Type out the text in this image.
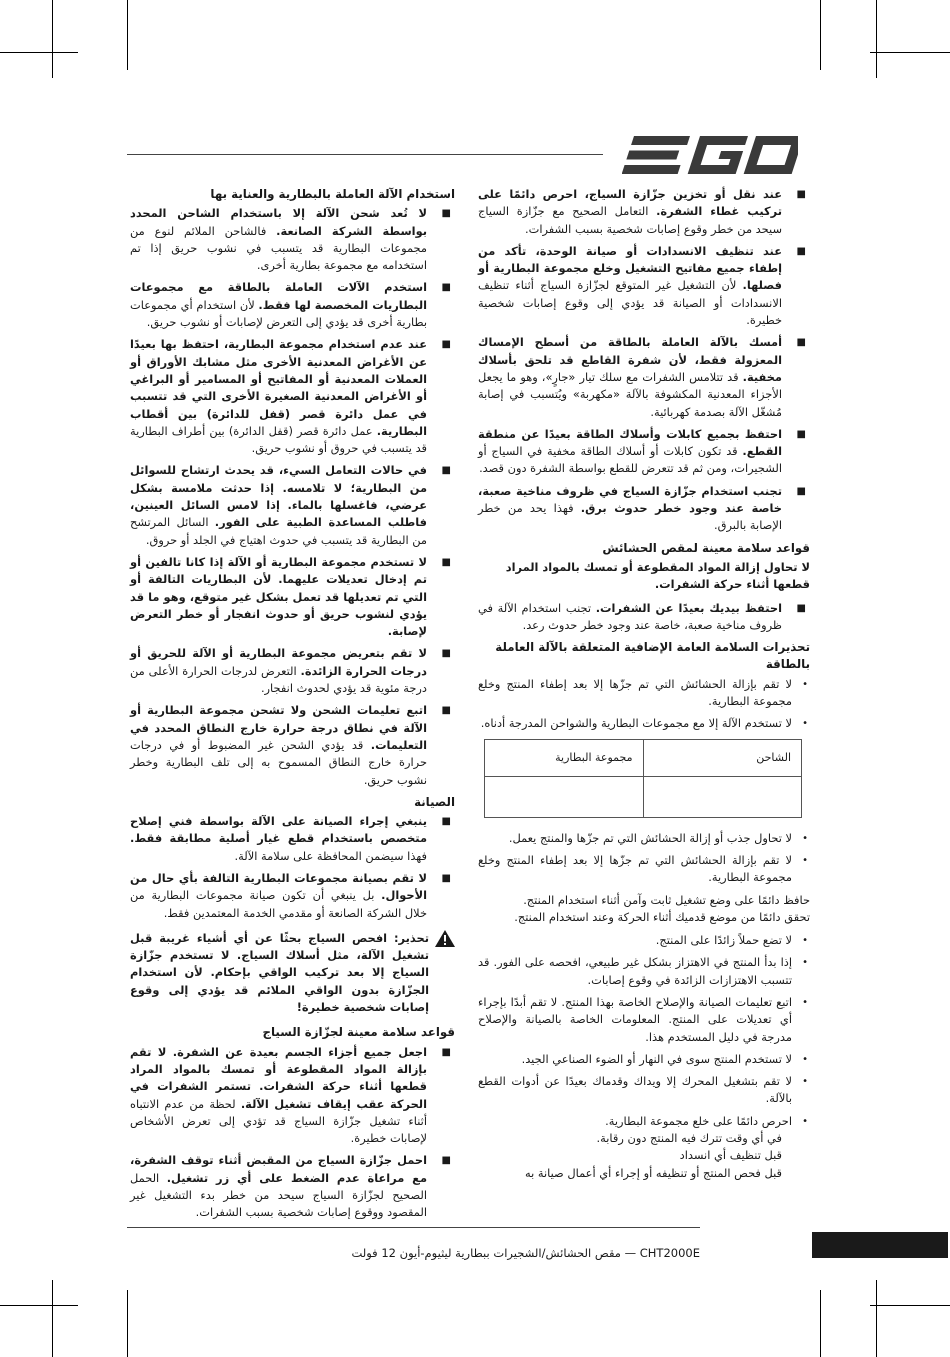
■
عند نقل أو تخزين جزّازة السياج، احرص دائمًا على تركيب غطاء الشفرة. التعامل الصحيح مع جزّازة السياج سيحد من خطر وقوع إصابات شخصية بسبب الشفرات.
■
عند تنظيف الانسدادات أو صيانة الوحدة، تأكد من إطفاء جميع مفاتيح التشغيل وخلع مجموعة البطارية أو فصلها. لأن التشغيل غير المتوقع لجزّازة السياج أثناء تنظيف الانسدادات أو الصيانة قد يؤدي إلى وقوع إصابات شخصية خطيرة.
■
أمسك بالآلة العاملة بالطاقة من أسطح الإمساك المعزولة فقط، لأن شفرة القاطع قد تلحق بأسلاك مخفية. قد تتلامس الشفرات مع سلك تيار «جارٍ»، وهو ما يجعل الأجزاء المعدنية المكشوفة بالآلة «مكهربة» ويُتسبب في إصابة مُشغّل الآلة بصدمة كهربائية.
■
احتفظ بجميع كابلات وأسلاك الطاقة بعيدًا عن منطقة القطع. قد تكون كابلات أو أسلاك الطاقة مخفية في السياج أو الشجيرات، ومن ثم قد تتعرض للقطع بواسطة الشفرة دون قصد.
■
تجنب استخدام جزّازة السياج في ظروف مناخية صعبة، خاصة عند وجود خطر حدوث برق. فهذا يحد من خطر الإصابة بالبرق.
قواعد سلامة معينة لمقص الحشائش
لا تحاول إزالة المواد المقطوعة أو تمسك بالمواد المراد قطعها أثناء حركة الشفرات.
■
احتفظ بيديك بعيدًا عن الشفرات. تجنب استخدام الآلة في ظروف مناخية صعبة، خاصة عند وجود خطر حدوث رعد.
تحذيرات السلامة العامة الإضافية المتعلقة بالآلة العاملة بالطاقة
•
لا تقم بإزالة الحشائش التي تم جزّها إلا بعد إطفاء المنتج وخلع مجموعة البطارية.
•
لا تستخدم الآلة إلا مع مجموعات البطارية والشواحن المدرجة أدناه.
الشاحن	مجموعة البطارية

•
لا تحاول جذب أو إزالة الحشائش التي تم جزّها والمنتج يعمل.
•
لا تقم بإزالة الحشائش التي تم جزّها إلا بعد إطفاء المنتج وخلع مجموعة البطارية.
حافظ دائمًا على وضع تشغيل ثابت وآمن أثناء استخدام المنتج.
تحقق دائمًا من موضع قدميك أثناء الحركة وعند استخدام المنتج.
•
لا تضع حملاً زائدًا على المنتج.
•
إذا بدأ المنتج في الاهتزاز بشكل غير طبيعي، افحصه على الفور. قد تتسبب الاهتزازات الزائدة في وقوع إصابات.
•
اتبع تعليمات الصيانة والإصلاح الخاصة بهذا المنتج. لا تقم أبدًا بإجراء أي تعديلات على المنتج. المعلومات الخاصة بالصيانة والإصلاح مدرجة في دليل المستخدم هذا.
•
لا تستخدم المنتج سوى في النهار أو الضوء الصناعي الجيد.
•
لا تقم بتشغيل المحرك إلا ويداك وقدماك بعيدًا عن أدوات القطع بالآلة.
•
احرص دائمًا على خلع مجموعة البطارية.
في أي وقت تترك فيه المنتج دون رقابة.
قبل تنظيف أي انسداد
قبل فحص المنتج أو تنظيفه أو إجراء أي أعمال صيانة به
استخدام الآلة العاملة بالبطارية والعناية بها
■
لا تُعد شحن الآلة إلا باستخدام الشاحن المحدد بواسطة الشركة الصانعة. فالشاحن الملائم لنوع من مجموعات البطارية قد يتسبب في نشوب حريق إذا تم استخدامه مع مجموعة بطارية أخرى.
■
استخدم الآلات العاملة بالطاقة مع مجموعات البطاريات المخصصة لها فقط. لأن استخدام أي مجموعات بطارية أخرى قد يؤدي إلى التعرض لإصابات أو نشوب حريق.
■
عند عدم استخدام مجموعة البطارية، احتفظ بها بعيدًا عن الأغراض المعدنية الأخرى مثل مشابك الأوراق أو العملات المعدنية أو المفاتيح أو المسامير أو البراغي أو الأغراض المعدنية الصغيرة الأخرى التي قد تتسبب في عمل دائرة قصر (قفل للدائرة) بين أقطاب البطارية. عمل دائرة قصر (قفل الدائرة) بين أطراف البطارية قد يتسبب في حروق أو نشوب حريق.
■
في حالات التعامل السيء، قد يحدث ارتشاح للسوائل من البطارية؛ لا تلامسه. إذا حدثت ملامسة بشكل عرضي، فاغسلها بالماء. إذا لامس السائل العينين، فاطلب المساعدة الطبية على الفور. السائل المرتشح من البطارية قد يتسبب في حدوث اهتياج في الجلد أو حروق.
■
لا تستخدم مجموعة البطارية أو الآلة إذا كانا تالفين أو تم إدخال تعديلات عليهما. لأن البطاريات التالفة أو التي تم تعديلها قد تعمل بشكل غير متوقع، وهو ما قد يؤدي لنشوب حريق أو حدوث انفجار أو خطر التعرض لإصابة.
■
لا تقم بتعريض مجموعة البطارية أو الآلة للحريق أو درجات الحرارة الزائدة. التعرض لدرجات الحرارة الأعلى من درجة مئوية قد يؤدي لحدوث انفجار.
■
اتبع تعليمات الشحن ولا تشحن مجموعة البطارية أو الآلة في نطاق درجة حرارة خارج النطاق المحدد في التعليمات. قد يؤدي الشحن غير المضبوط أو في درجات حرارة خارج النطاق المسموح به إلى تلف البطارية وخطر نشوب حريق.
الصيانة
■
ينبغي إجراء الصيانة على الآلة بواسطة فني إصلاح متخصص باستخدام قطع غيار أصلية مطابقة فقط. فهذا سيضمن المحافظة على سلامة الآلة.
■
لا تقم بصيانة مجموعات البطارية التالفة بأي حال من الأحوال. بل ينبغي أن تكون صيانة مجموعات البطارية من خلال الشركة الصانعة أو مقدمي الخدمة المعتمدين فقط.
تحذير: افحص السياج بحثًا عن أي أشياء غريبة قبل تشغيل الآلة، مثل أسلاك السياج. لا تستخدم جزّازة السياج إلا بعد تركيب الواقي بإحكام. لأن استخدام الجزّازة بدون الواقي الملائم قد يؤدي إلى وقوع إصابات شخصية خطيرة!
قواعد سلامة معينة لجزّازة السياج
■
اجعل جميع أجزاء الجسم بعيدة عن الشفرة. لا تقم بإزالة المواد المقطوعة أو تمسك بالمواد المراد قطعها أثناء حركة الشفرات. تستمر الشفرات في الحركة عقب إيقاف تشغيل الآلة. لحظة من عدم الانتباه أثناء تشغيل جزّازة السياج قد تؤدي إلى تعرض الأشخاص لإصابات خطيرة.
■
احمل جزّازة السياج من المقبض أثناء توقف الشفرة، مع مراعاة عدم الضغط على أي زر تشغيل. الحمل الصحيح لجزّازة السياج سيحد من خطر بدء التشغيل غير المقصود ووقوع إصابات شخصية بسبب الشفرات.
CHT2000E — مقص الحشائش/الشجيرات ببطارية ليثيوم-أيون 12 فولت
